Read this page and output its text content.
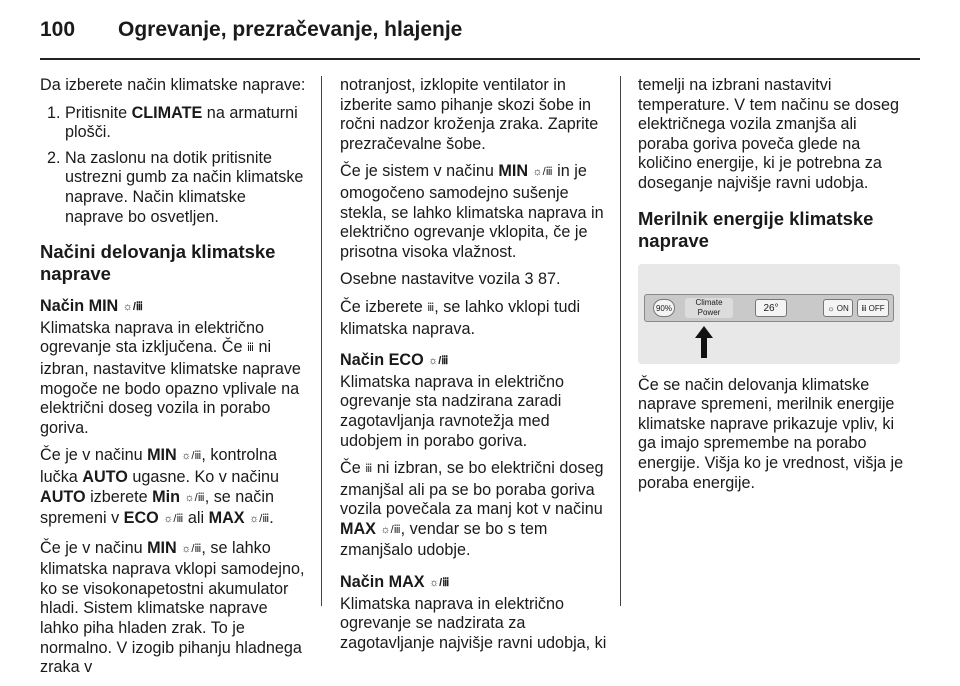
100	Ogrevanje, prezračevanje, hlajenje

Da izberete način klimatske naprave:

1. Pritisnite CLIMATE na armaturni plošči.
2. Na zaslonu na dotik pritisnite ustrezni gumb za način klimatske naprave. Način klimatske naprave bo osvetljen.
Načini delovanja klimatske naprave
Način MIN ☼/ⅲ

Klimatska naprava in električno ogrevanje sta izključena. Če ⅲ ni izbran, nastavitve klimatske naprave mogoče ne bodo opazno vplivale na električni doseg vozila in porabo goriva.

Če je v načinu MIN ☼/ⅲ, kontrolna lučka AUTO ugasne. Ko v načinu AUTO izberete Min ☼/ⅲ, se način spremeni v ECO ☼/ⅲ ali MAX ☼/ⅲ.

Če je v načinu MIN ☼/ⅲ, se lahko klimatska naprava vklopi samodejno, ko se visokonapetostni akumulator hladi. Sistem klimatske naprave lahko piha hladen zrak. To je normalno. V izogib pihanju hladnega zraka v

notranjost, izklopite ventilator in izberite samo pihanje skozi šobe in ročni nadzor kroženja zraka. Zaprite prezračevalne šobe.

Če je sistem v načinu MIN ☼/ⅲ in je omogočeno samodejno sušenje stekla, se lahko klimatska naprava in električno ogrevanje vklopita, če je prisotna visoka vlažnost.

Osebne nastavitve vozila 3 87.

Če izberete ⅲ, se lahko vklopi tudi klimatska naprava.

Način ECO ☼/ⅲ

Klimatska naprava in električno ogrevanje sta nadzirana zaradi zagotavljanja ravnotežja med udobjem in porabo goriva.

Če ⅲ ni izbran, se bo električni doseg zmanjšal ali pa se bo poraba goriva vozila povečala za manj kot v načinu MAX ☼/ⅲ, vendar se bo s tem zmanjšalo udobje.

Način MAX ☼/ⅲ

Klimatska naprava in električno ogrevanje se nadzirata za zagotavljanje najvišje ravni udobja, ki

temelji na izbrani nastavitvi temperature. V tem načinu se doseg električnega vozila zmanjša ali poraba goriva poveča glede na količino energije, ki je potrebna za doseganje najvišje ravni udobja.

Merilnik energije klimatske naprave
90%
Climate
Power	26°	☼ ON	ⅲ OFF

Če se način delovanja klimatske naprave spremeni, merilnik energije klimatske naprave prikazuje vpliv, ki ga imajo spremembe na porabo energije. Višja ko je vrednost, višja je poraba energije.
